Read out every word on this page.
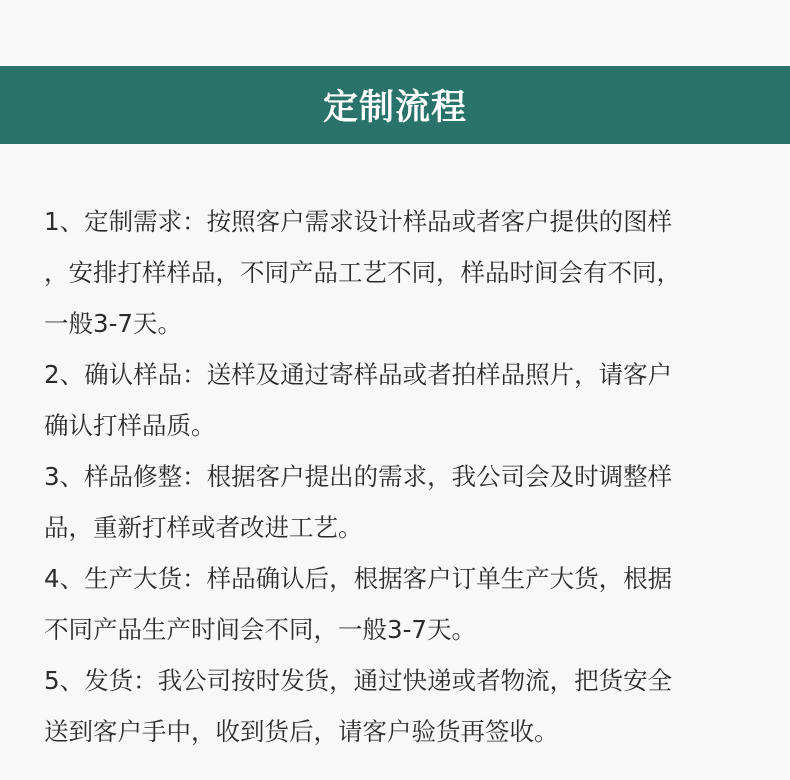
定制流程
1、定制需求：按照客户需求设计样品或者客户提供的图样
，安排打样样品，不同产品工艺不同，样品时间会有不同，
一般3-7天。
2、确认样品：送样及通过寄样品或者拍样品照片，请客户
确认打样品质。
3、样品修整：根据客户提出的需求，我公司会及时调整样
品，重新打样或者改进工艺。
4、生产大货：样品确认后，根据客户订单生产大货，根据
不同产品生产时间会不同，一般3-7天。
5、发货：我公司按时发货，通过快递或者物流，把货安全
送到客户手中，收到货后，请客户验货再签收。
